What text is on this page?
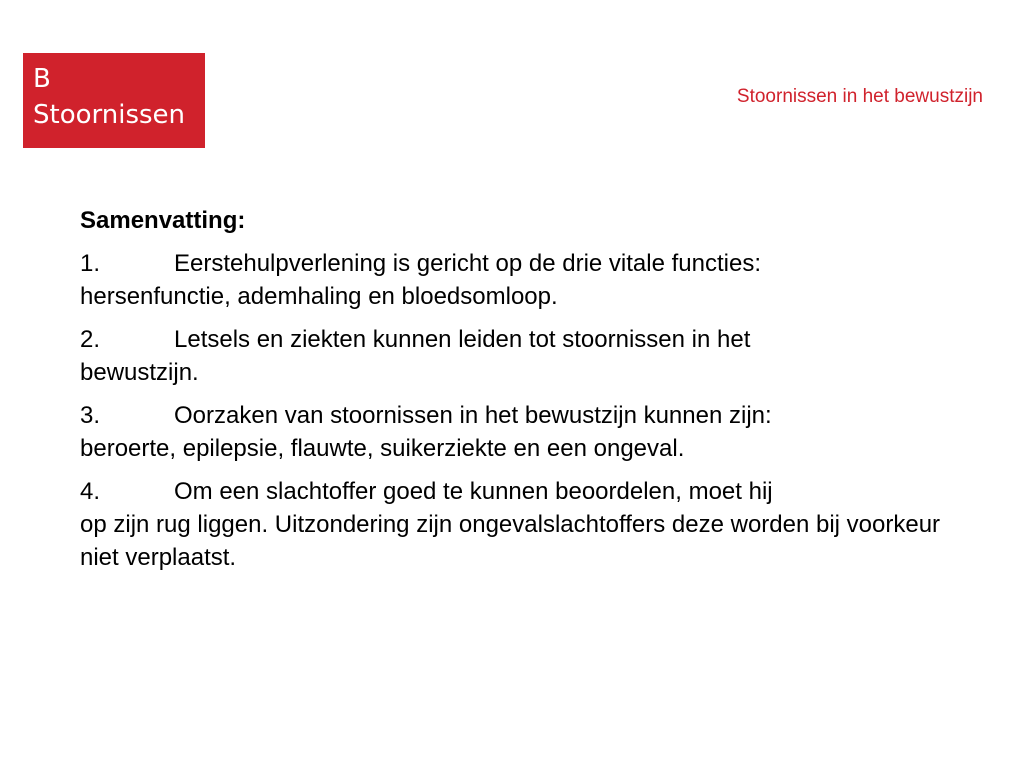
B
Stoornissen
Stoornissen in het bewustzijn
Samenvatting:
1.	Eerstehulpverlening is gericht op de drie vitale functies:
hersenfunctie, ademhaling en bloedsomloop.
2.	Letsels en ziekten kunnen leiden tot stoornissen in het
bewustzijn.
3.	Oorzaken van stoornissen in het bewustzijn kunnen zijn:
beroerte, epilepsie, flauwte, suikerziekte en een ongeval.
4.	Om een slachtoffer goed te kunnen beoordelen, moet hij
op zijn rug liggen. Uitzondering zijn ongevalslachtoffers deze worden bij voorkeur niet verplaatst.
